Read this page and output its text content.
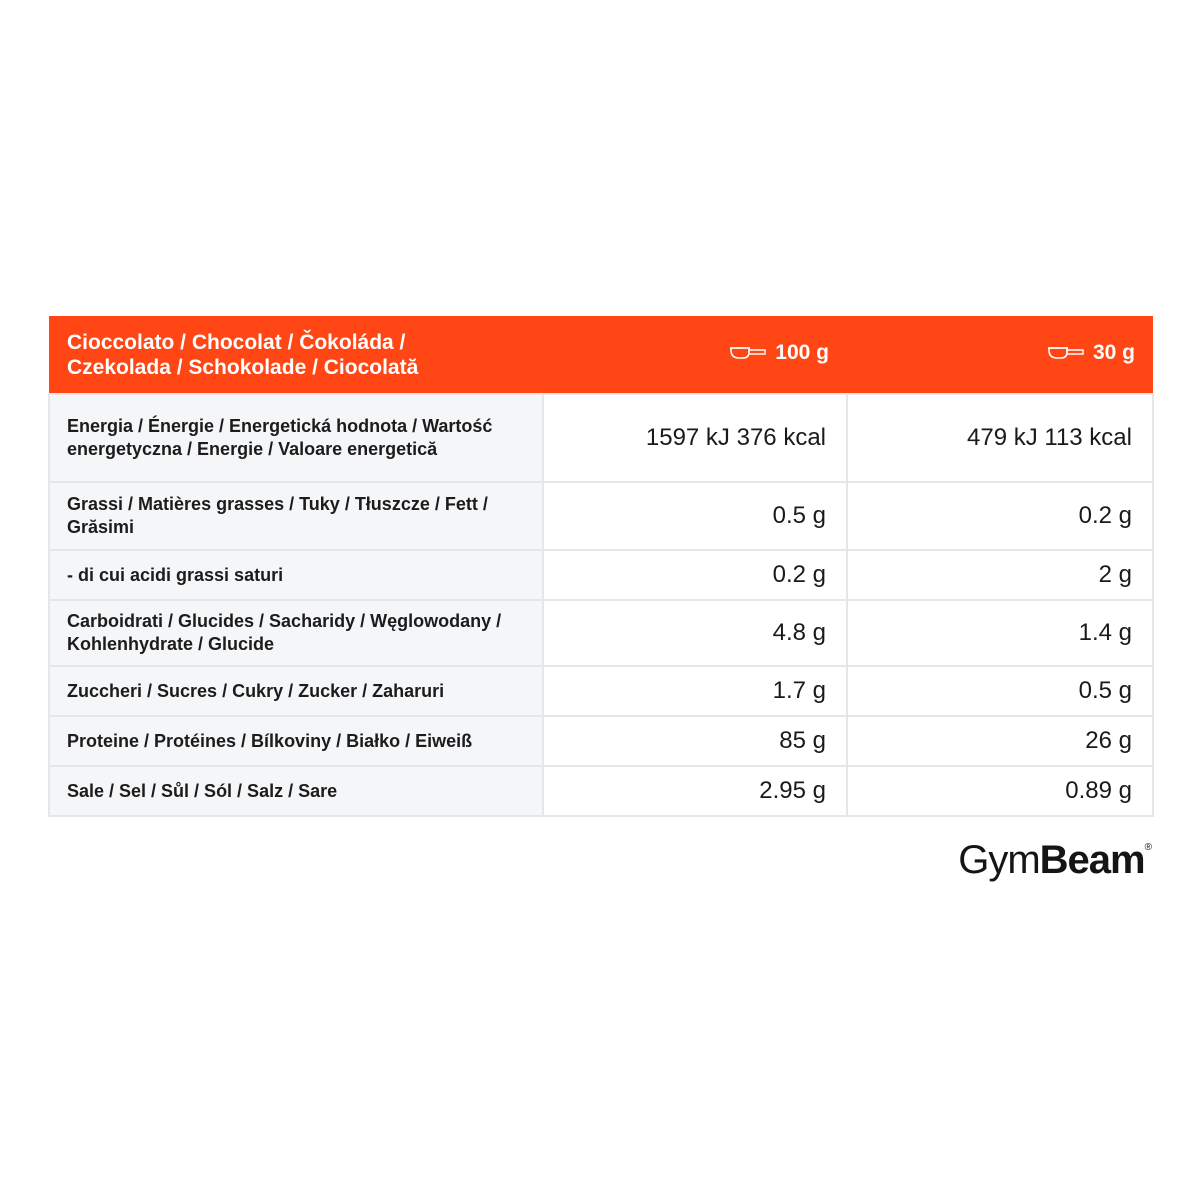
Cioccolato / Chocolat / Čokoláda /
Czekolada / Schokolade / Ciocolată	100 g	30 g

Energia / Énergie / Energetická hodnota / Wartość energetyczna / Energie / Valoare energetică	1597 kJ 376 kcal	479 kJ 113 kcal
Grassi / Matières grasses / Tuky / Tłuszcze / Fett / Grăsimi	0.5 g	0.2 g
- di cui acidi grassi saturi	0.2 g	2 g
Carboidrati / Glucides / Sacharidy / Węglowodany / Kohlenhydrate / Glucide	4.8 g	1.4 g
Zuccheri / Sucres / Cukry / Zucker / Zaharuri	1.7 g	0.5 g
Proteine / Protéines / Bílkoviny / Białko / Eiweiß	85 g	26 g
Sale / Sel / Sůl / Sól / Salz / Sare	2.95 g	0.89 g
GymBeam®
